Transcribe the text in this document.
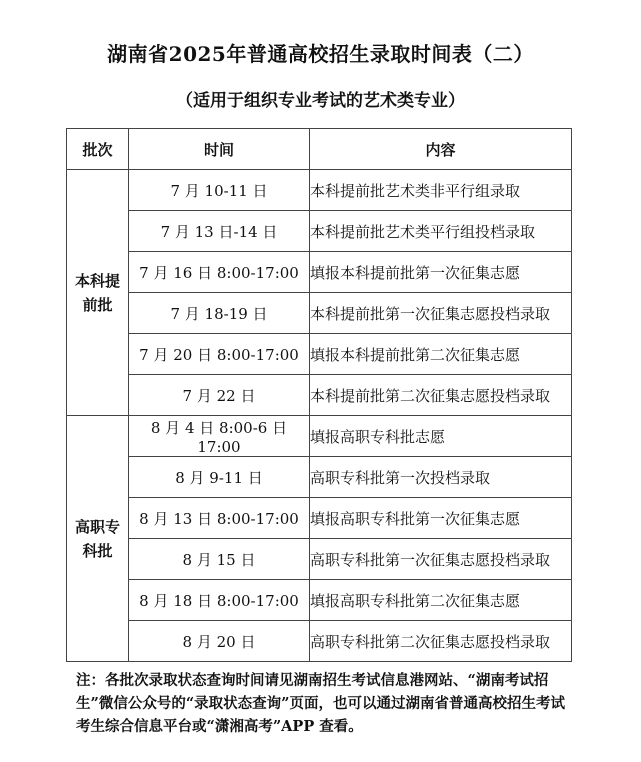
湖南省2025年普通高校招生录取时间表（二）
（适用于组织专业考试的艺术类专业）
批次	时间	内容

本科提
前批	7 月 10-11 日	本科提前批艺术类非平行组录取
	7 月 13 日-14 日	本科提前批艺术类平行组投档录取
	7 月 16 日 8:00-17:00	填报本科提前批第一次征集志愿
	7 月 18-19 日	本科提前批第一次征集志愿投档录取
	7 月 20 日 8:00-17:00	填报本科提前批第二次征集志愿
	7 月 22 日	本科提前批第二次征集志愿投档录取

高职专
科批	8 月 4 日 8:00-6 日 17:00	填报高职专科批志愿
	8 月 9-11 日	高职专科批第一次投档录取
	8 月 13 日 8:00-17:00	填报高职专科批第一次征集志愿
	8 月 15 日	高职专科批第一次征集志愿投档录取
	8 月 18 日 8:00-17:00	填报高职专科批第二次征集志愿
	8 月 20 日	高职专科批第二次征集志愿投档录取
注：各批次录取状态查询时间请见湖南招生考试信息港网站、“湖南考试招生”微信公众号的“录取状态查询”页面，也可以通过湖南省普通高校招生考试考生综合信息平台或“潇湘高考”APP 查看。
